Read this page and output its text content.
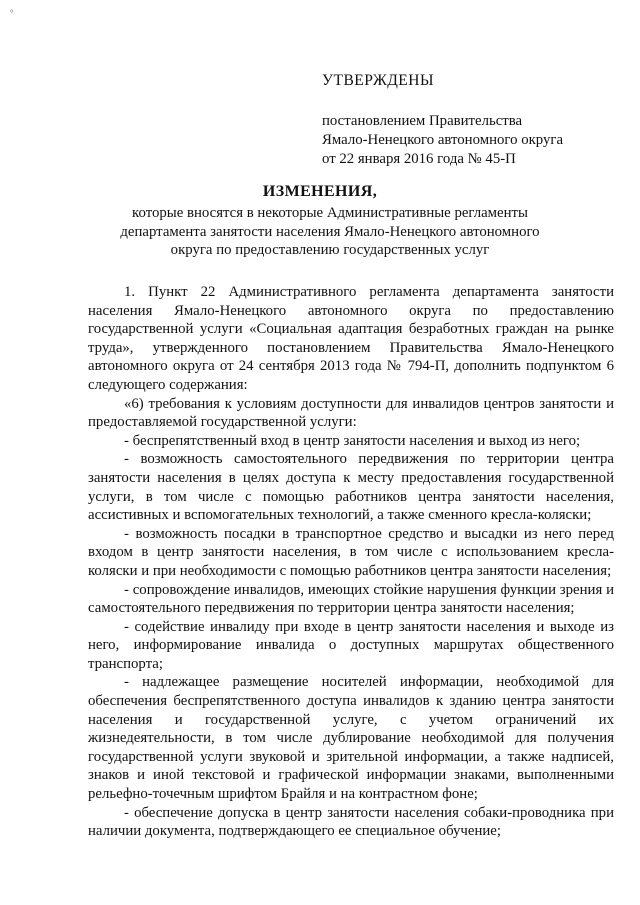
°
УТВЕРЖДЕНЫ
постановлением Правительства
Ямало-Ненецкого автономного округа
от 22 января 2016 года № 45-П
ИЗМЕНЕНИЯ,
которые вносятся в некоторые Административные регламенты департамента занятости населения Ямало-Ненецкого автономного округа по предоставлению государственных услуг

1. Пункт 22 Административного регламента департамента занятости населения Ямало-Ненецкого автономного округа по предоставлению государственной услуги «Социальная адаптация безработных граждан на рынке труда», утвержденного постановлением Правительства Ямало-Ненецкого автономного округа от 24 сентября 2013 года № 794-П, дополнить подпунктом 6 следующего содержания:

«6) требования к условиям доступности для инвалидов центров занятости и предоставляемой государственной услуги:

- беспрепятственный вход в центр занятости населения и выход из него;

- возможность самостоятельного передвижения по территории центра занятости населения в целях доступа к месту предоставления государственной услуги, в том числе с помощью работников центра занятости населения, ассистивных и вспомогательных технологий, а также сменного кресла-коляски;

- возможность посадки в транспортное средство и высадки из него перед входом в центр занятости населения, в том числе с использованием кресла-коляски и при необходимости с помощью работников центра занятости населения;

- сопровождение инвалидов, имеющих стойкие нарушения функции зрения и самостоятельного передвижения по территории центра занятости населения;

- содействие инвалиду при входе в центр занятости населения и выходе из него, информирование инвалида о доступных маршрутах общественного транспорта;

- надлежащее размещение носителей информации, необходимой для обеспечения беспрепятственного доступа инвалидов к зданию центра занятости населения и государственной услуге, с учетом ограничений их жизнедеятельности, в том числе дублирование необходимой для получения государственной услуги звуковой и зрительной информации, а также надписей, знаков и иной текстовой и графической информации знаками, выполненными рельефно-точечным шрифтом Брайля и на контрастном фоне;

- обеспечение допуска в центр занятости населения собаки-проводника при наличии документа, подтверждающего ее специальное обучение;
